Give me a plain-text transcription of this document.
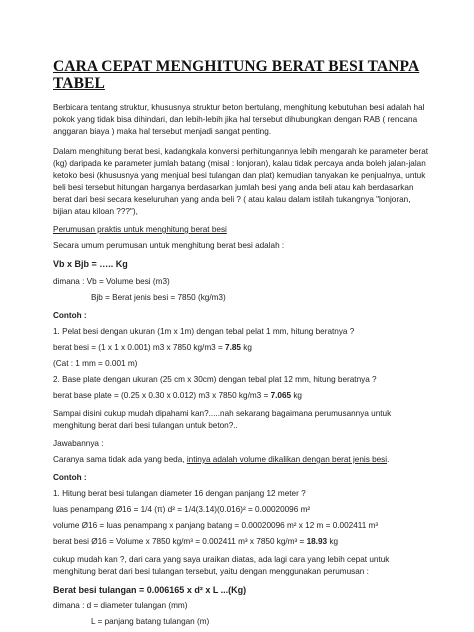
CARA CEPAT MENGHITUNG BERAT BESI TANPA TABEL
Berbicara tentang struktur, khususnya struktur beton bertulang, menghitung kebutuhan besi adalah hal
pokok yang tidak bisa dihindari, dan lebih-lebih jika hal tersebut dihubungkan dengan RAB ( rencana
anggaran biaya ) maka hal tersebut menjadi sangat penting.
Dalam menghitung berat besi, kadangkala konversi perhitungannya lebih mengarah ke parameter berat
(kg) daripada ke parameter jumlah batang (misal : lonjoran), kalau tidak percaya anda boleh jalan-jalan
ketoko besi (khususnya yang menjual besi tulangan dan plat) kemudian tanyakan ke penjualnya, untuk
beli besi tersebut hitungan harganya berdasarkan jumlah besi yang anda beli atau kah berdasarkan
berat dari besi secara keseluruhan yang anda beli ? ( atau kalau dalam istilah tukangnya "lonjoran,
bijian atau kiloan ???"),
Perumusan praktis untuk menghitung berat besi
Secara umum perumusan untuk menghitung berat besi adalah :
Vb x Bjb = ….. Kg
dimana : Vb = Volume besi (m3)
Bjb = Berat jenis besi = 7850 (kg/m3)
Contoh :
1. Pelat besi dengan ukuran (1m x 1m) dengan tebal pelat 1 mm, hitung beratnya ?
berat besi = (1 x 1 x 0.001) m3 x 7850 kg/m3 = 7.85 kg
(Cat : 1 mm = 0.001 m)
2. Base plate dengan ukuran (25 cm x 30cm) dengan tebal plat 12 mm, hitung beratnya ?
berat base plate = (0.25 x 0.30 x 0.012) m3 x 7850 kg/m3 = 7.065 kg
Sampai disini cukup mudah dipahami kan?.....nah sekarang bagaimana perumusannya untuk
menghitung berat dari besi tulangan untuk beton?..
Jawabannya :
Caranya sama tidak ada yang beda, intinya adalah volume dikalikan dengan berat jenis besi.
Contoh :
1. Hitung berat besi tulangan diameter 16 dengan panjang 12 meter ?
luas penampang Ø16 = 1/4 (π) d² = 1/4(3.14)(0.016)² = 0.00020096 m²
volume Ø16 = luas penampang x panjang batang = 0.00020096 m² x 12 m = 0.002411 m³
berat besi Ø16 = Volume x 7850 kg/m³ = 0.002411 m³ x 7850 kg/m³ = 18.93 kg
cukup mudah kan ?, dari cara yang saya uraikan diatas, ada lagi cara yang lebih cepat untuk
menghitung berat dari besi tulangan tersebut, yaitu dengan menggunakan perumusan :
Berat besi tulangan = 0.006165 x d² x L ...(Kg)
dimana : d = diameter tulangan (mm)
L = panjang batang tulangan (m)
